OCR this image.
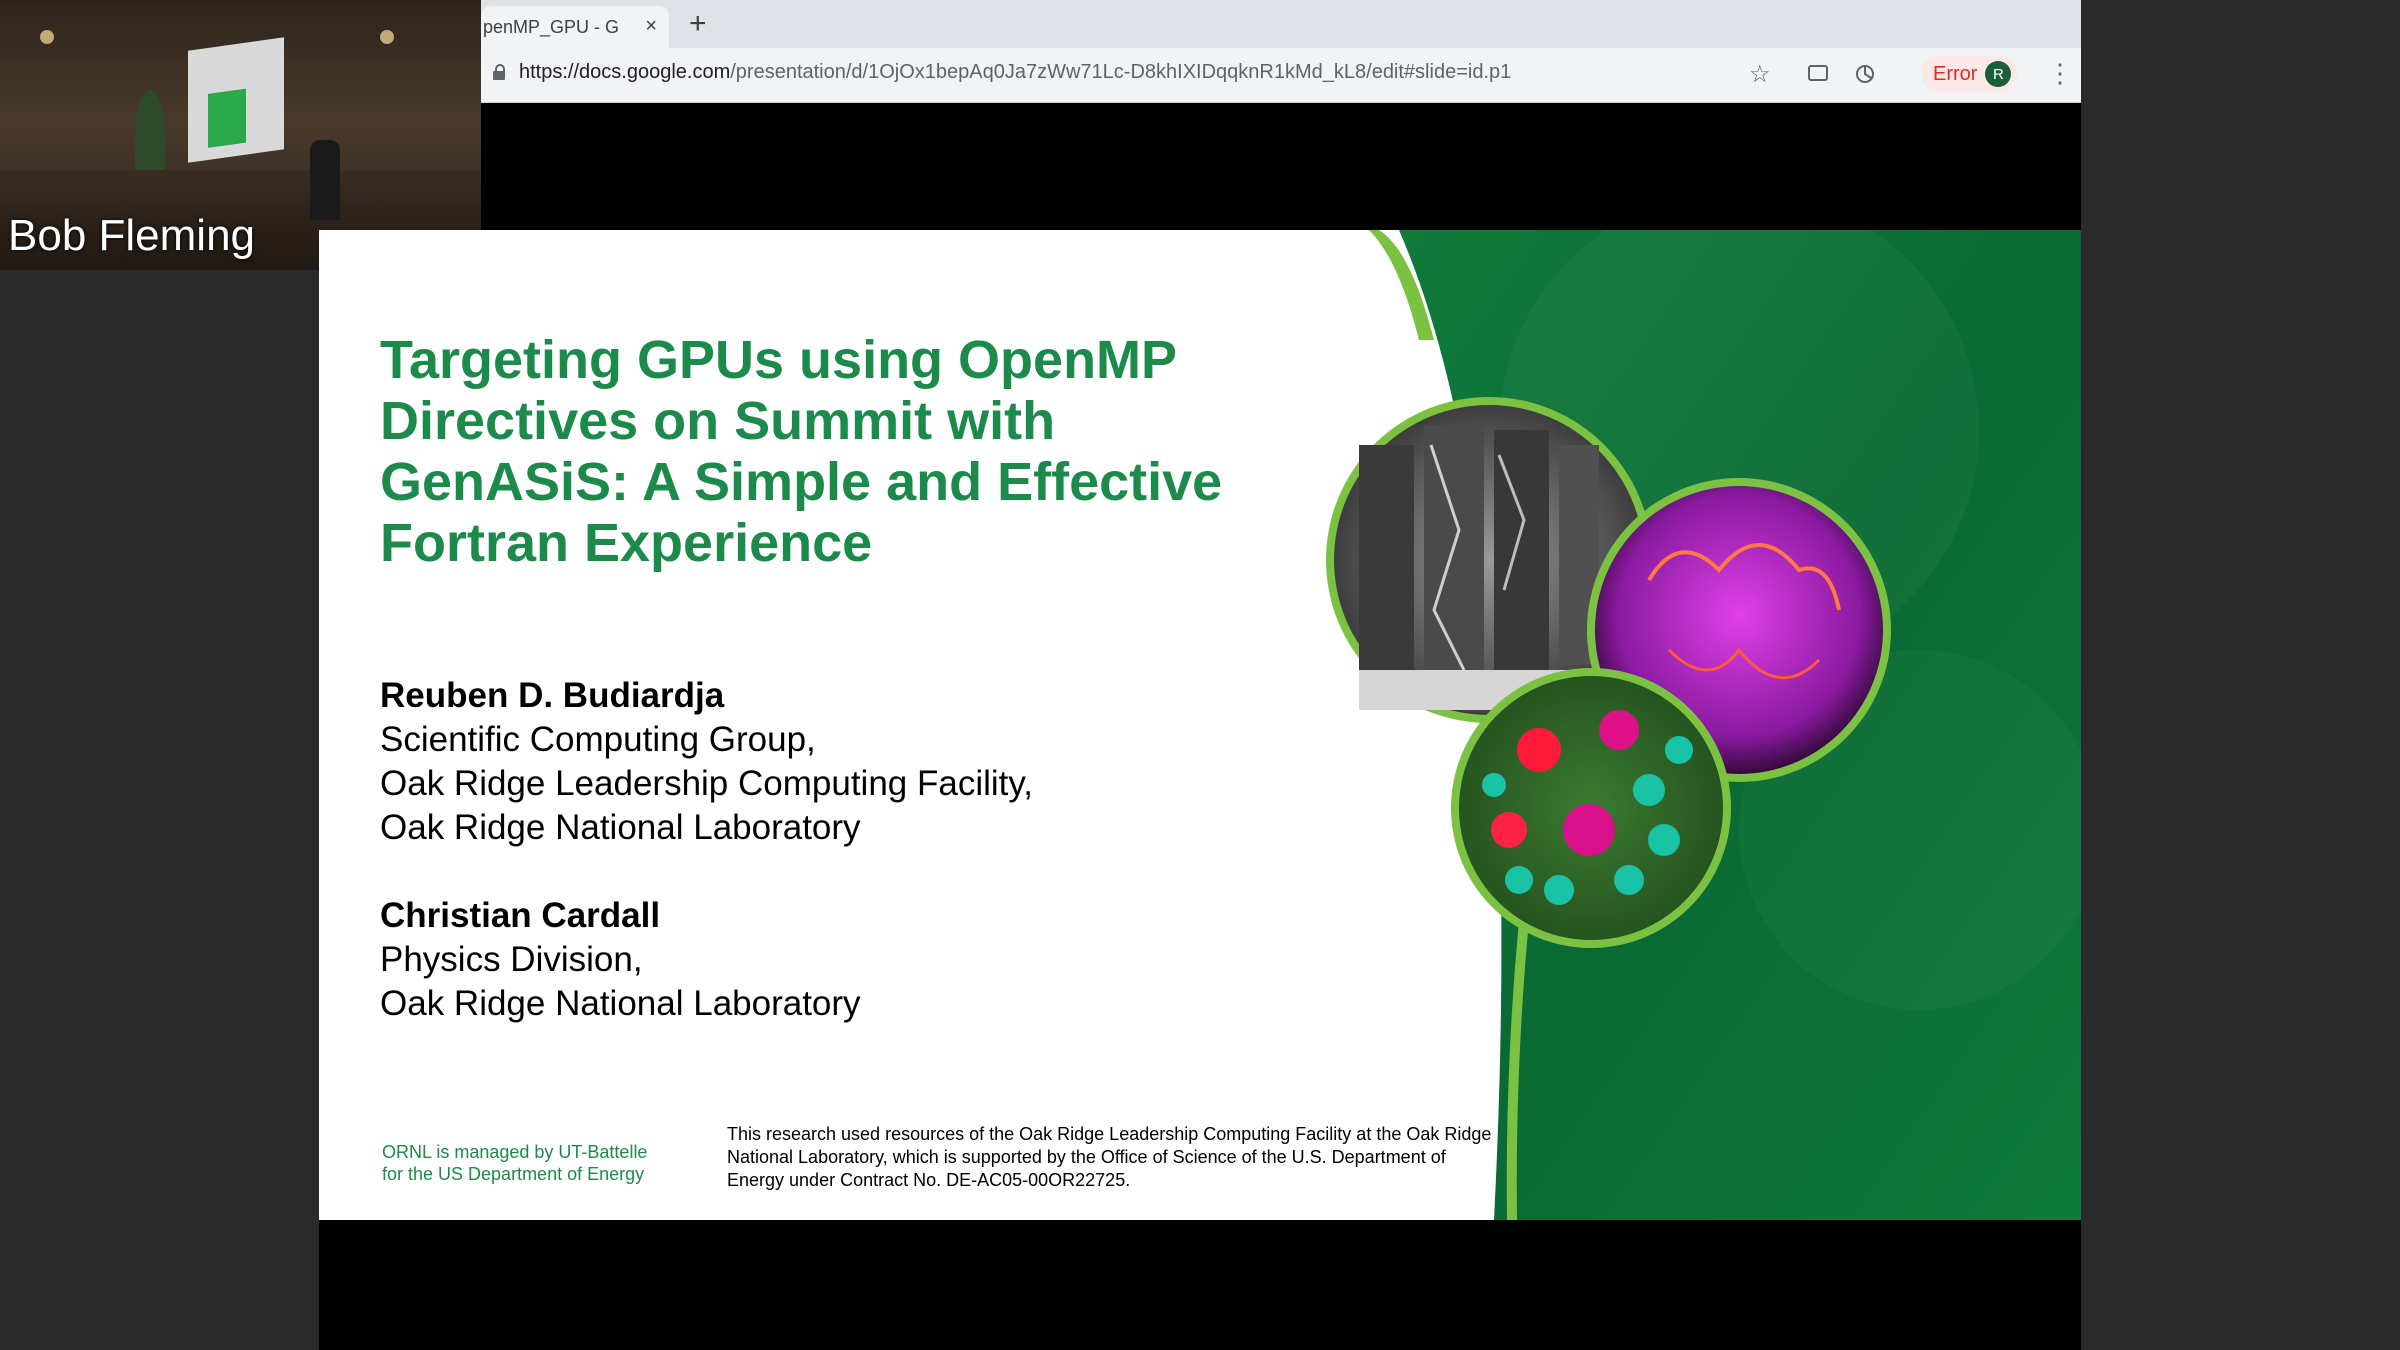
Bob Fleming
penMP_GPU - G	× +
https://docs.google.com/presentation/d/1OjOx1bepAq0Ja7zWw71Lc-D8khIXIDqqknR1kMd_kL8/edit#slide=id.p1	☆	Error	R ⋮
Targeting GPUs using OpenMP
Directives on Summit with
GenASiS: A Simple and Effective
Fortran Experience
Reuben D. Budiardja
Scientific Computing Group,
Oak Ridge Leadership Computing Facility,
Oak Ridge National Laboratory
Christian Cardall
Physics Division,
Oak Ridge National Laboratory
ORNL is managed by UT-Battelle
for the US Department of Energy
This research used resources of the Oak Ridge Leadership Computing Facility at the Oak Ridge National Laboratory, which is supported by the Office of Science of the U.S. Department of Energy under Contract No. DE-AC05-00OR22725.
